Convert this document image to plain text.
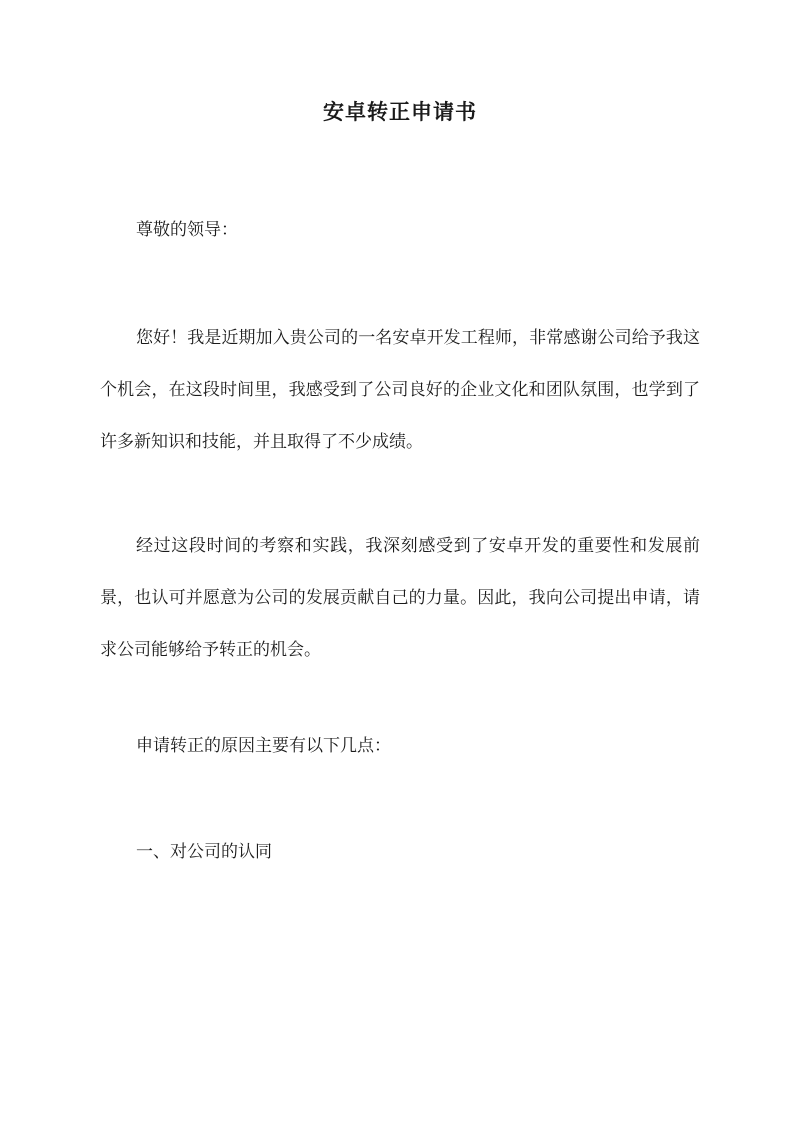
安卓转正申请书
尊敬的领导：
您好！我是近期加入贵公司的一名安卓开发工程师，非常感谢公司给予我这个机会，在这段时间里，我感受到了公司良好的企业文化和团队氛围，也学到了许多新知识和技能，并且取得了不少成绩。
经过这段时间的考察和实践，我深刻感受到了安卓开发的重要性和发展前景，也认可并愿意为公司的发展贡献自己的力量。因此，我向公司提出申请，请求公司能够给予转正的机会。
申请转正的原因主要有以下几点：
一、对公司的认同
